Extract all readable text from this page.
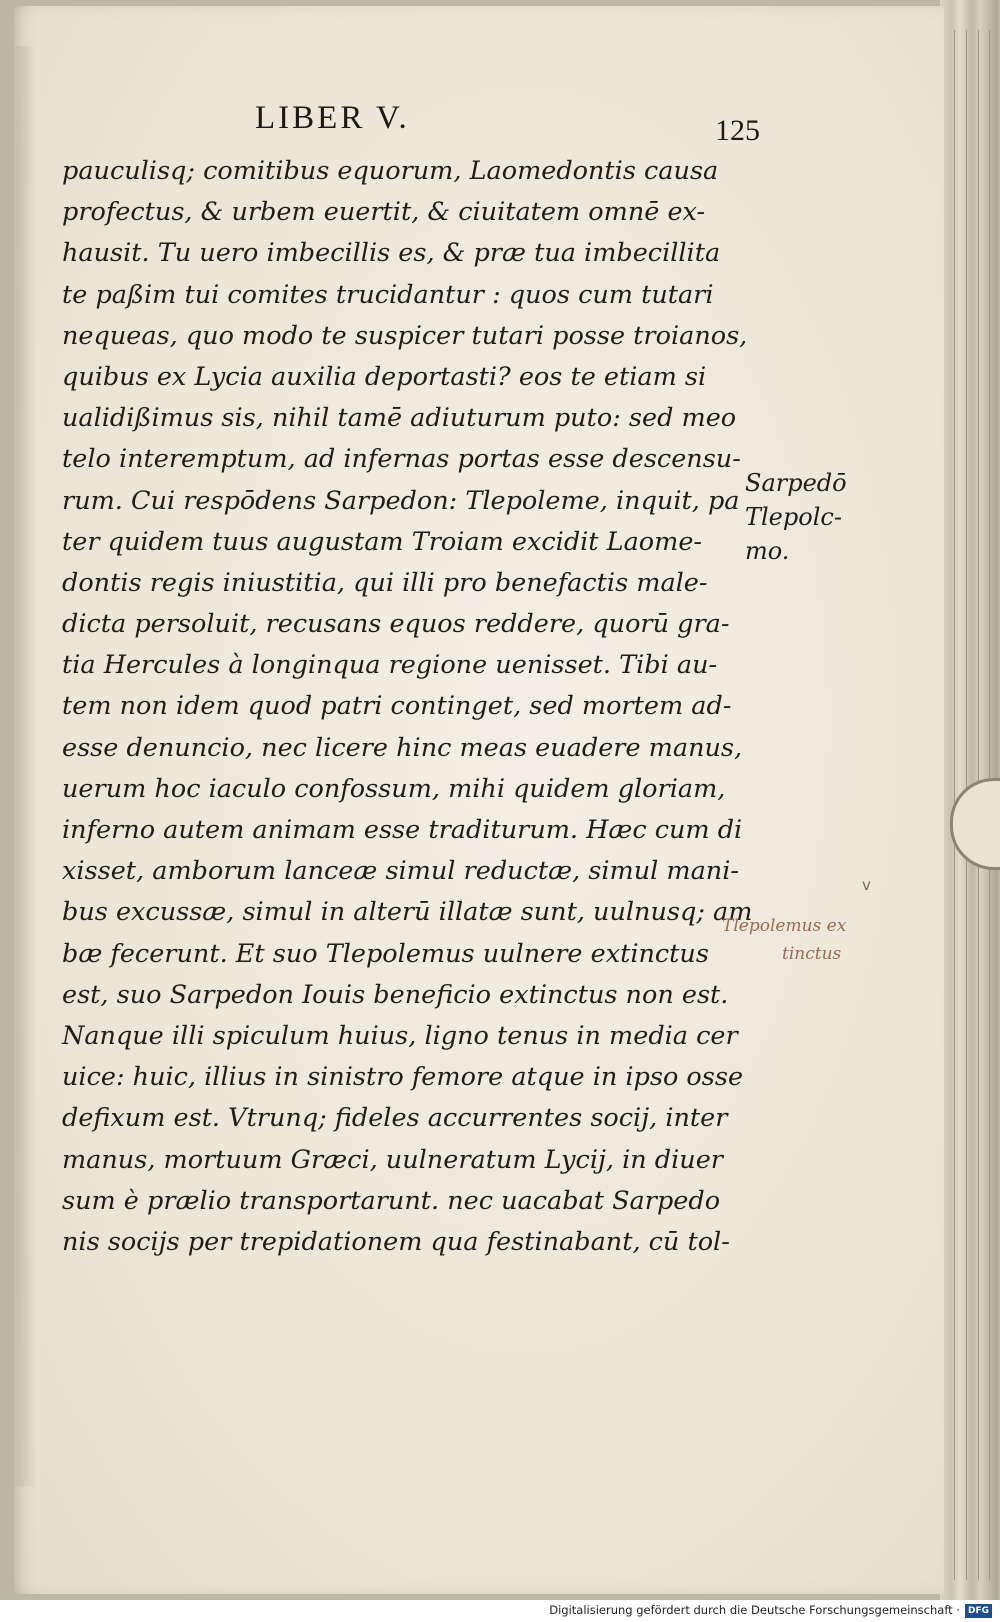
LIBER V.	125
pauculisq; comitibus equorum, Laomedontis causa
profectus, & urbem euertit, & ciuitatem omnē ex-
hausit. Tu uero imbecillis es, & præ tua imbecillita
te paßim tui comites trucidantur : quos cum tutari
nequeas, quo modo te suspicer tutari posse troianos,
quibus ex Lycia auxilia deportasti? eos te etiam si
ualidißimus sis, nihil tamē adiuturum puto: sed meo
telo interemptum, ad infernas portas esse descensu-
rum. Cui respōdens Sarpedon: Tlepoleme, inquit, pa
ter quidem tuus augustam Troiam excidit Laome-
dontis regis iniustitia, qui illi pro benefactis male-
dicta persoluit, recusans equos reddere, quorū gra-
tia Hercules à longinqua regione uenisset. Tibi au-
tem non idem quod patri continget, sed mortem ad-
esse denuncio, nec licere hinc meas euadere manus,
uerum hoc iaculo confossum, mihi quidem gloriam,
inferno autem animam esse traditurum. Hæc cum di
xisset, amborum lanceæ simul reductæ, simul mani-
bus excussæ, simul in alterū illatæ sunt, uulnusq; am
bæ fecerunt. Et suo Tlepolemus uulnere extinctus
est, suo Sarpedon Iouis beneficio extinctus non est.
Nanque illi spiculum huius, ligno tenus in media cer
uice: huic, illius in sinistro femore atque in ipso osse
defixum est. Vtrunq; fideles accurrentes socij, inter
manus, mortuum Græci, uulneratum Lycij, in diuer
sum è prælio transportarunt. nec uacabat Sarpedo
nis socijs per trepidationem qua festinabant, cū tol-
Sarpedō
Tlepolc-
mo.
v
Tlepolemus ex
tinctus
Digitalisierung gefördert durch die Deutsche Forschungsgemeinschaft · DFG
